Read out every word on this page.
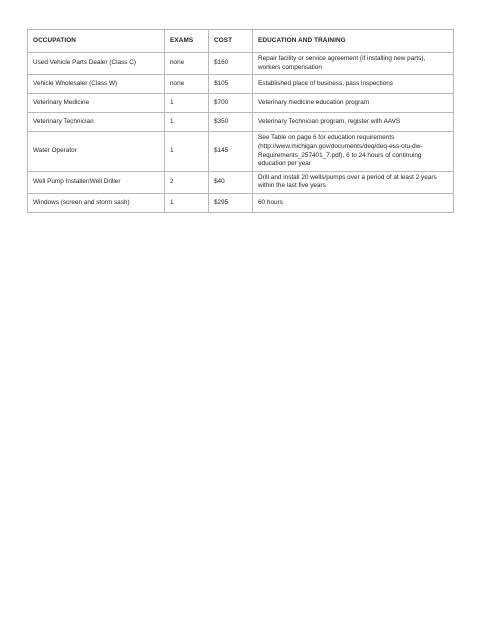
OCCUPATION	EXAMS	COST	EDUCATION AND TRAINING
Used Vehicle Parts Dealer (Class C)	none	$160	Repair facility or service agreement (if installing new parts), workers compensation
Vehicle Wholesaler (Class W)	none	$105	Established place of business, pass inspections
Veterinary Medicine	1	$700	Veterinary medicine education program
Veterinary Technician	1	$350	Veterinary Technician program, register with AAVS
Water Operator	1	$145	See Table on page 6 for education requirements (http://www.michigan.gov/documents/deq/deq-ess-otu-dw-Requirements_257401_7.pdf), 6 to 24 hours of continuing education per year
Well Pump Installer/Well Driller	2	$40	Drill and install 20 wells/pumps over a period of at least 2 years within the last five years
Windows (screen and storm sash)	1	$295	60 hours
